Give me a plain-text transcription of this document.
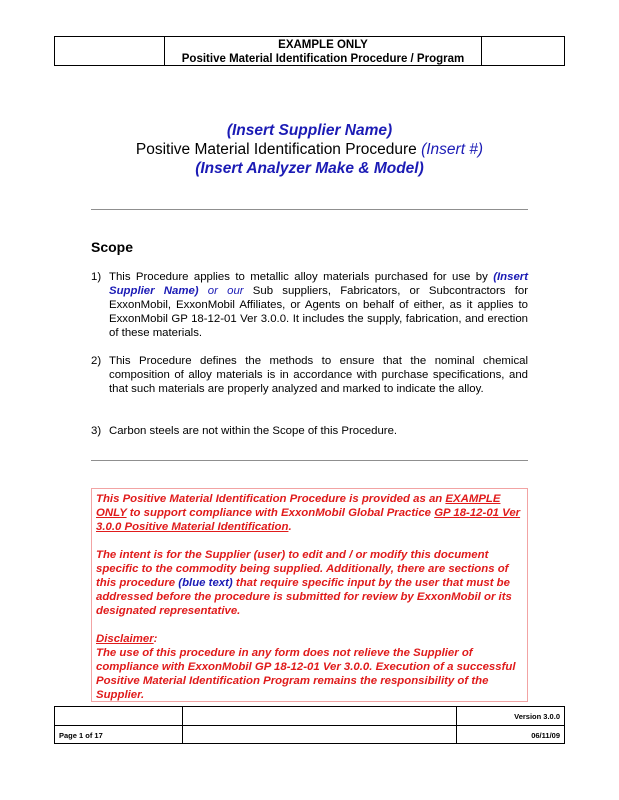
EXAMPLE ONLY
Positive Material Identification Procedure / Program
(Insert Supplier Name)
Positive Material Identification Procedure (Insert #)
(Insert Analyzer Make & Model)
Scope
1) This Procedure applies to metallic alloy materials purchased for use by (Insert Supplier Name) or our Sub suppliers, Fabricators, or Subcontractors for ExxonMobil, ExxonMobil Affiliates, or Agents on behalf of either, as it applies to ExxonMobil GP 18-12-01 Ver 3.0.0. It includes the supply, fabrication, and erection of these materials.
2) This Procedure defines the methods to ensure that the nominal chemical composition of alloy materials is in accordance with purchase specifications, and that such materials are properly analyzed and marked to indicate the alloy.
3) Carbon steels are not within the Scope of this Procedure.

This Positive Material Identification Procedure is provided as an EXAMPLE ONLY to support compliance with ExxonMobil Global Practice GP 18-12-01 Ver 3.0.0 Positive Material Identification.

The intent is for the Supplier (user) to edit and / or modify this document specific to the commodity being supplied. Additionally, there are sections of this procedure (blue text) that require specific input by the user that must be addressed before the procedure is submitted for review by ExxonMobil or its designated representative.

Disclaimer:
The use of this procedure in any form does not relieve the Supplier of compliance with ExxonMobil GP 18-12-01 Ver 3.0.0. Execution of a successful Positive Material Identification Program remains the responsibility of the Supplier.
Version 3.0.0
Page 1 of 17	06/11/09
